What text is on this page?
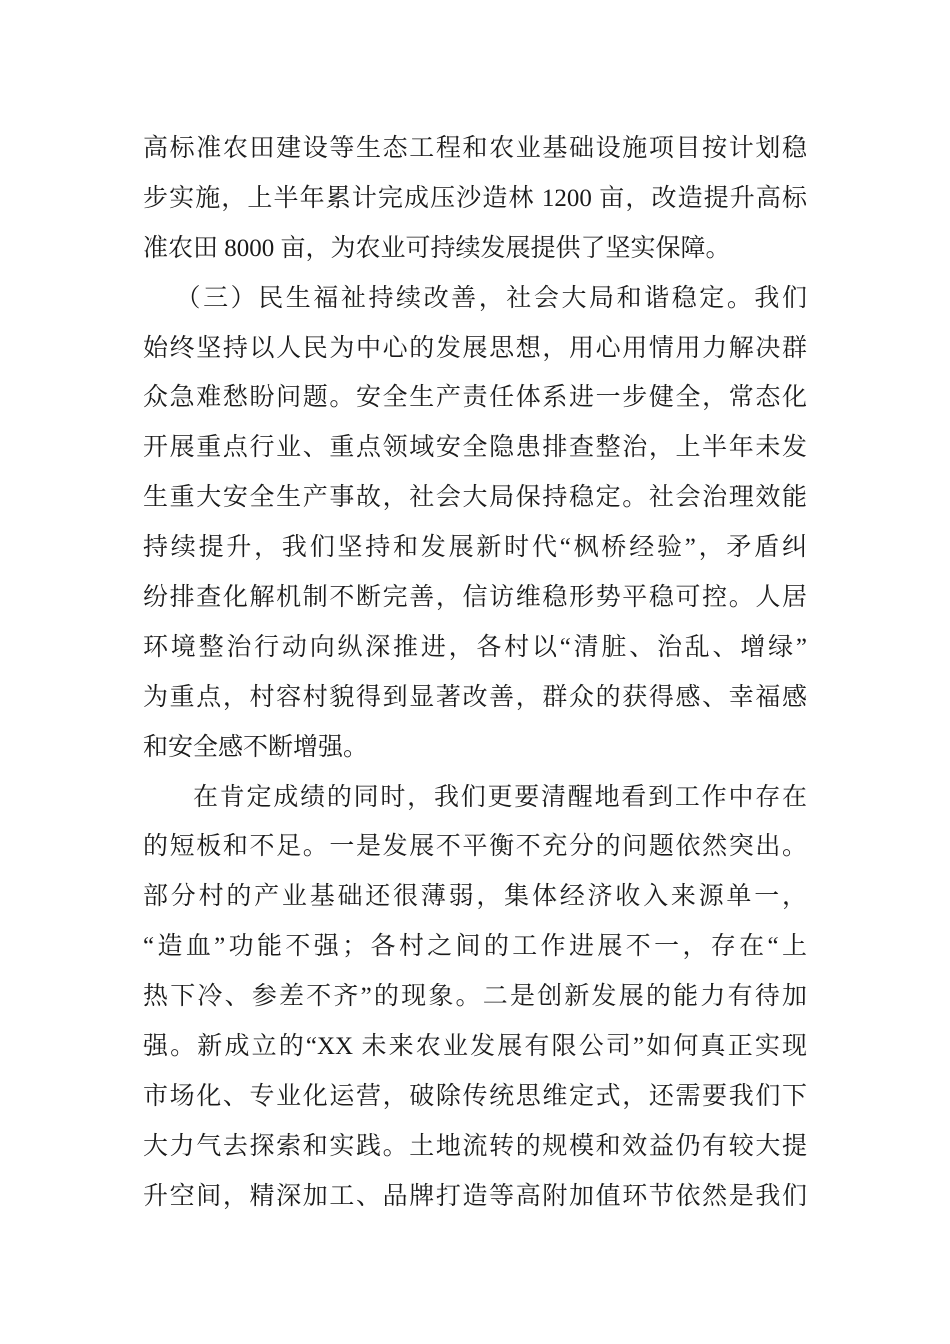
高标准农田建设等生态工程和农业基础设施项目按计划稳
步实施，上半年累计完成压沙造林 1200 亩，改造提升高标
准农田 8000 亩，为农业可持续发展提供了坚实保障。
（三）民生福祉持续改善，社会大局和谐稳定。我们
始终坚持以人民为中心的发展思想，用心用情用力解决群
众急难愁盼问题。安全生产责任体系进一步健全，常态化
开展重点行业、重点领域安全隐患排查整治，上半年未发
生重大安全生产事故，社会大局保持稳定。社会治理效能
持续提升，我们坚持和发展新时代“枫桥经验”，矛盾纠
纷排查化解机制不断完善，信访维稳形势平稳可控。人居
环境整治行动向纵深推进，各村以“清脏、治乱、增绿”
为重点，村容村貌得到显著改善，群众的获得感、幸福感
和安全感不断增强。
在肯定成绩的同时，我们更要清醒地看到工作中存在
的短板和不足。一是发展不平衡不充分的问题依然突出。
部分村的产业基础还很薄弱，集体经济收入来源单一，
“造血”功能不强；各村之间的工作进展不一，存在“上
热下冷、参差不齐”的现象。二是创新发展的能力有待加
强。新成立的“XX 未来农业发展有限公司”如何真正实现
市场化、专业化运营，破除传统思维定式，还需要我们下
大力气去探索和实践。土地流转的规模和效益仍有较大提
升空间，精深加工、品牌打造等高附加值环节依然是我们
